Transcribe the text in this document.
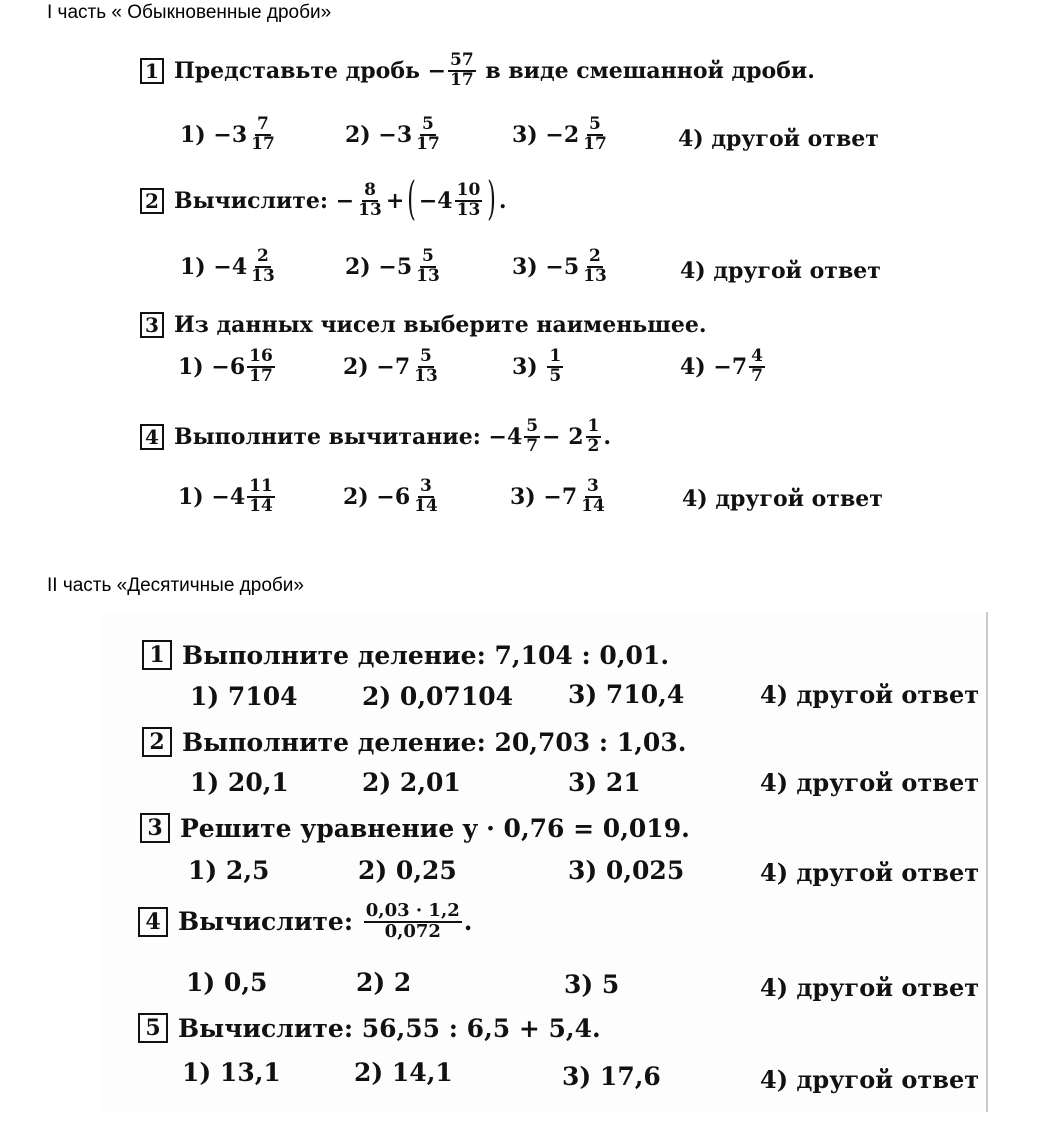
I часть « Обыкновенные дроби»
1 Представьте дробь
− $\frac{57}{17}$
в виде смешанной дроби.
1)
$-3 \frac{7}{17}$	2)
$-3 \frac{5}{17}$	3)
$-2 \frac{5}{17}$	4) другой ответ
2 Вычислите:
− $\frac{8}{13}$ + ( $-4 \frac{10}{13}$ ) .
1)
$-4 \frac{2}{13}$	2)
$-5 \frac{5}{13}$	3)
$-5 \frac{2}{13}$	4) другой ответ
3 Из данных чисел выберите наименьшее.
1)
$-6 \frac{16}{17}$	2)
$-7 \frac{5}{13}$	3)
$\frac{1}{5}$	4)
$-7 \frac{4}{7}$
4 Выполните вычитание:
$-4 \frac{5}{7}$ −
$2 \frac{1}{2}$ .
1)
$-4 \frac{11}{14}$	2)
$-6 \frac{3}{14}$	3)
$-7 \frac{3}{14}$	4) другой ответ
II часть «Десятичные дроби»
1 Выполните деление: 7,104 : 0,01.
1) 7104	2) 0,07104 3) 710,4	4) другой ответ
2 Выполните деление: 20,703 : 1,03.
1) 20,1	2) 2,01	3) 21	4) другой ответ
3 Решите уравнение y · 0,76 = 0,019.
1) 2,5	2) 0,25	3) 0,025	4) другой ответ
4 Вычислите:
$\frac{0,03 \cdot 1,2}{0,072}$ .
1) 0,5	2) 2	3) 5	4) другой ответ
5 Вычислите: 56,55 : 6,5 + 5,4.
1) 13,1	2) 14,1	3) 17,6	4) другой ответ
